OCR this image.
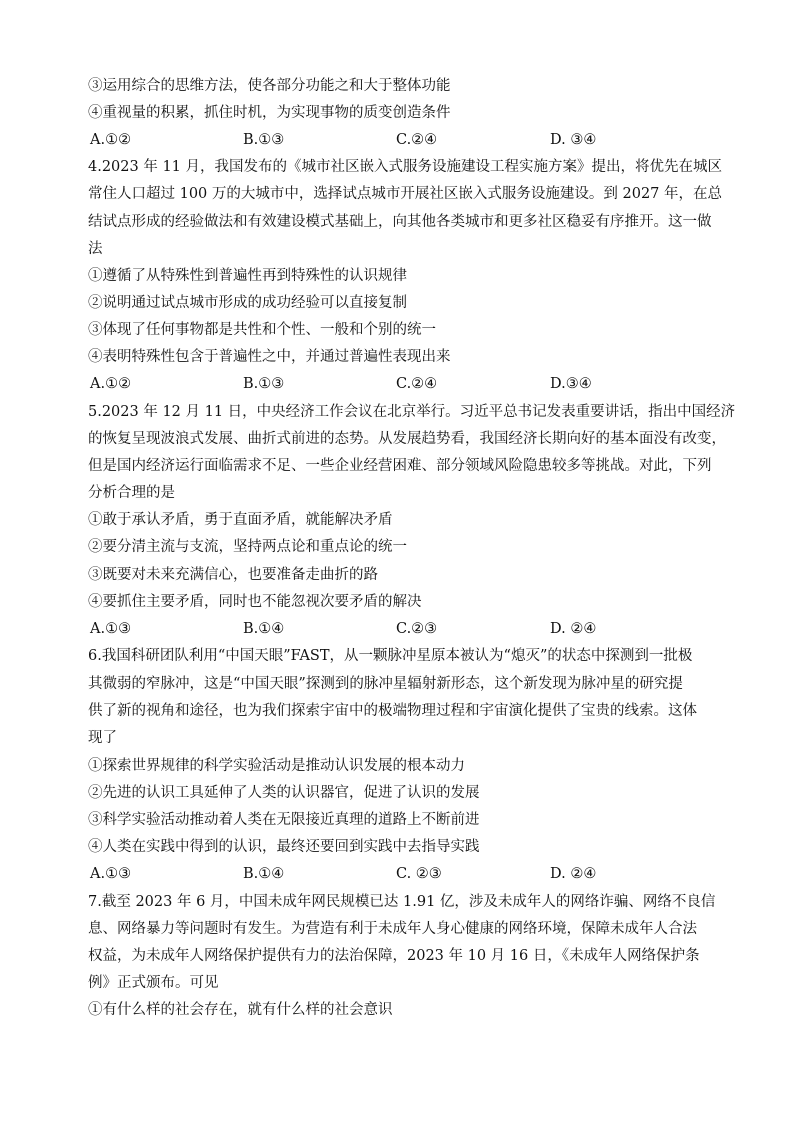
③运用综合的思维方法，使各部分功能之和大于整体功能
④重视量的积累，抓住时机，为实现事物的质变创造条件
A.①②	B.①③	C.②④	D. ③④
4.2023 年 11 月，我国发布的《城市社区嵌入式服务设施建设工程实施方案》提出，将优先在城区
常住人口超过 100 万的大城市中，选择试点城市开展社区嵌入式服务设施建设。到 2027 年，在总
结试点形成的经验做法和有效建设模式基础上，向其他各类城市和更多社区稳妥有序推开。这一做
法
①遵循了从特殊性到普遍性再到特殊性的认识规律
②说明通过试点城市形成的成功经验可以直接复制
③体现了任何事物都是共性和个性、一般和个别的统一
④表明特殊性包含于普遍性之中，并通过普遍性表现出来
A.①②	B.①③	C.②④	D.③④
5.2023 年 12 月 11 日，中央经济工作会议在北京举行。习近平总书记发表重要讲话，指出中国经济
的恢复呈现波浪式发展、曲折式前进的态势。从发展趋势看，我国经济长期向好的基本面没有改变，
但是国内经济运行面临需求不足、一些企业经营困难、部分领域风险隐患较多等挑战。对此，下列
分析合理的是
①敢于承认矛盾，勇于直面矛盾，就能解决矛盾
②要分清主流与支流，坚持两点论和重点论的统一
③既要对未来充满信心，也要准备走曲折的路
④要抓住主要矛盾，同时也不能忽视次要矛盾的解决
A.①③	B.①④	C.②③	D. ②④
6.我国科研团队利用“中国天眼”FAST，从一颗脉冲星原本被认为“熄灭”的状态中探测到一批极
其微弱的窄脉冲，这是“中国天眼”探测到的脉冲星辐射新形态，这个新发现为脉冲星的研究提
供了新的视角和途径，也为我们探索宇宙中的极端物理过程和宇宙演化提供了宝贵的线索。这体
现了
①探索世界规律的科学实验活动是推动认识发展的根本动力
②先进的认识工具延伸了人类的认识器官，促进了认识的发展
③科学实验活动推动着人类在无限接近真理的道路上不断前进
④人类在实践中得到的认识，最终还要回到实践中去指导实践
A.①③	B.①④	C. ②③	D. ②④
7.截至 2023 年 6 月，中国未成年网民规模已达 1.91 亿，涉及未成年人的网络诈骗、网络不良信
息、网络暴力等问题时有发生。为营造有利于未成年人身心健康的网络环境，保障未成年人合法
权益，为未成年人网络保护提供有力的法治保障，2023 年 10 月 16 日，《未成年人网络保护条
例》正式颁布。可见
①有什么样的社会存在，就有什么样的社会意识
